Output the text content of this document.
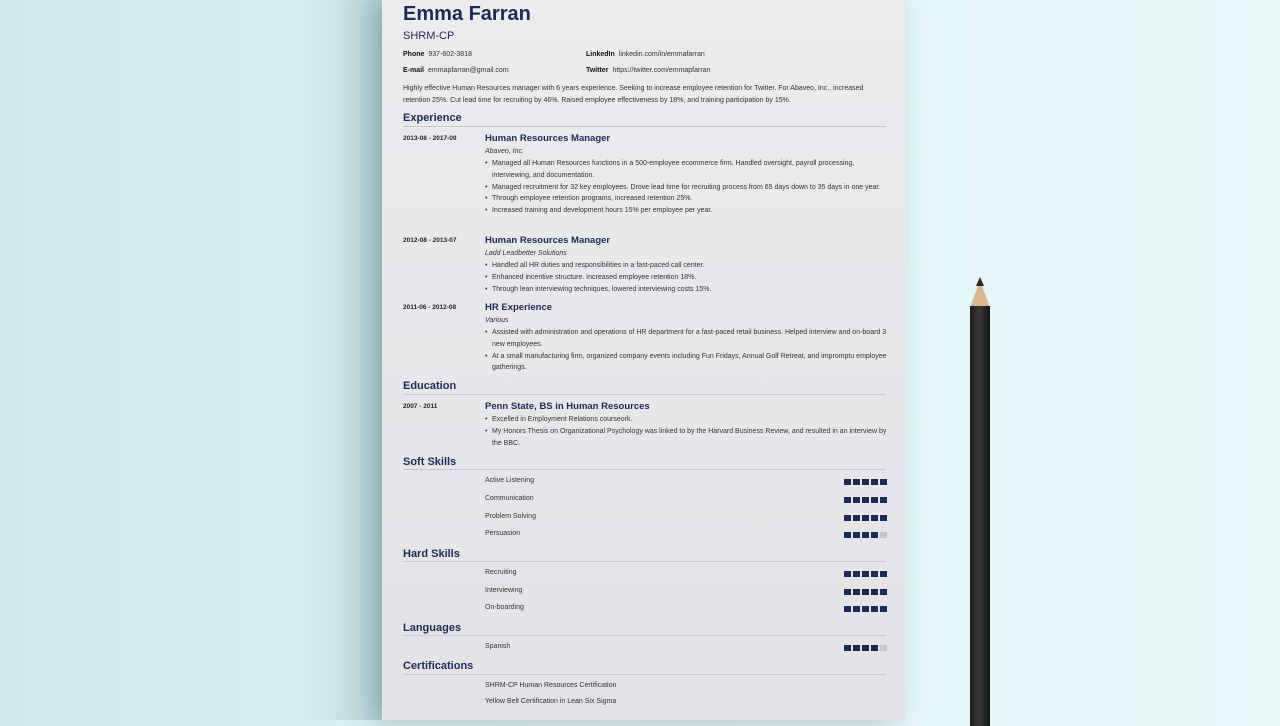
Emma Farran
SHRM-CP
Phone 937-602-3818	LinkedIn linkedin.com/in/emmafarran
E-mail emmapfarran@gmail.com	Twitter https://twitter.com/emmapfarran
Highly effective Human Resources manager with 6 years experience. Seeking to increase employee retention for Twitter. For Abaveo, Inc., increased retention 25%. Cut lead time for recruiting by 46%. Raised employee effectiveness by 18%, and training participation by 15%.
Experience
2013-08 - 2017-09	Human Resources Manager
Abaveo, Inc.
• Managed all Human Resources functions in a 500-employee ecommerce firm. Handled oversight, payroll processing, interviewing, and documentation.
• Managed recruitment for 32 key employees. Drove lead time for recruiting process from 65 days down to 35 days in one year.
• Through employee retention programs, increased retention 25%.
• Increased training and development hours 15% per employee per year.
2012-08 - 2013-07	Human Resources Manager
Ladd Leadbetter Solutions
• Handled all HR duties and responsibilities in a fast-paced call center.
• Enhanced incentive structure. Increased employee retention 18%.
• Through lean interviewing techniques, lowered interviewing costs 15%.
2011-06 - 2012-08	HR Experience
Various
• Assisted with administration and operations of HR department for a fast-paced retail business. Helped interview and on-board 3 new employees.
• At a small manufacturing firm, organized company events including Fun Fridays, Annual Golf Retreat, and impromptu employee gatherings.
Education
2007 - 2011	Penn State, BS in Human Resources
• Excelled in Employment Relations courseork.
• My Honors Thesis on Organizational Psychology was linked to by the Harvard Business Review, and resulted in an interview by the BBC.
Soft Skills
Active Listening
Communication
Problem Solving
Persuasion
Hard Skills
Recruiting
Interviewing
On-boarding
Languages
Spanish
Certifications
SHRM-CP Human Resources Certification
Yellow Belt Certification in Lean Six Sigma
